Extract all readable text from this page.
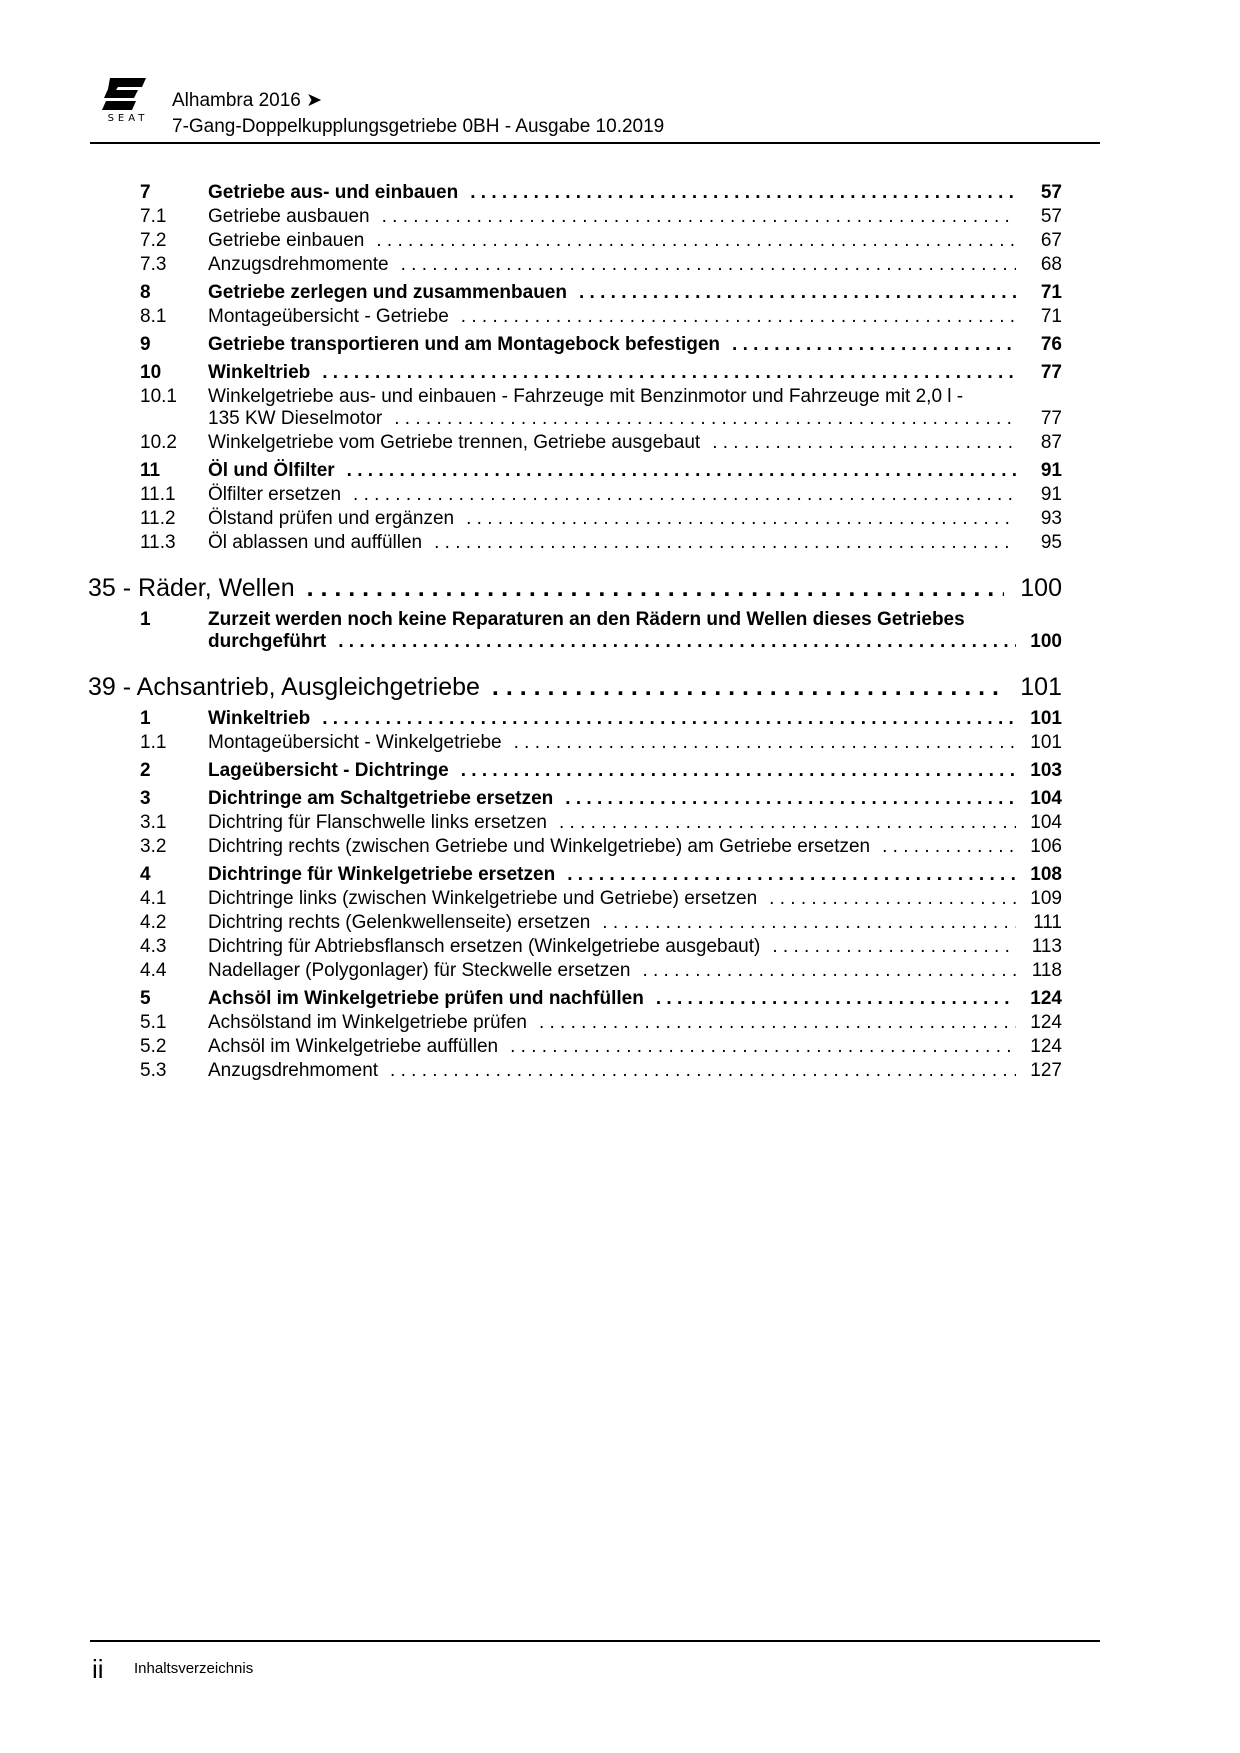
SEAT
Alhambra 2016 ➤
7-Gang-Doppelkupplungsgetriebe 0BH - Ausgabe 10.2019
7	Getriebe aus- und einbauen . . .	57
7.1 Getriebe ausbauen . . .	57
7.2 Getriebe einbauen . . .	67
7.3 Anzugsdrehmomente . . .	68
8	Getriebe zerlegen und zusammenbauen . . .	71
8.1 Montageübersicht - Getriebe . . .	71
9	Getriebe transportieren und am Montagebock befestigen . . .	76
10 Winkeltrieb . . .	77
10.1 Winkelgetriebe aus- und einbauen - Fahrzeuge mit Benzinmotor und Fahrzeuge mit 2,0 l -
135 KW Dieselmotor . . .	77
10.2 Winkelgetriebe vom Getriebe trennen, Getriebe ausgebaut . . .	87
11	Öl und Ölfilter . . .	91
11.1 Ölfilter ersetzen . . .	91
11.2 Ölstand prüfen und ergänzen . . .	93
11.3 Öl ablassen und auffüllen . . .	95
35 - Räder, Wellen . . .	100
1	Zurzeit werden noch keine Reparaturen an den Rädern und Wellen dieses Getriebes
durchgeführt . . .	100
39 - Achsantrieb, Ausgleichgetriebe . . .	101
1	Winkeltrieb . . .	101
1.1 Montageübersicht - Winkelgetriebe . . .	101
2	Lageübersicht - Dichtringe . . .	103
3	Dichtringe am Schaltgetriebe ersetzen . . .	104
3.1 Dichtring für Flanschwelle links ersetzen . . .	104
3.2 Dichtring rechts (zwischen Getriebe und Winkelgetriebe) am Getriebe ersetzen . . .	106
4	Dichtringe für Winkelgetriebe ersetzen . . .	108
4.1 Dichtringe links (zwischen Winkelgetriebe und Getriebe) ersetzen . . .	109
4.2 Dichtring rechts (Gelenkwellenseite) ersetzen . . .	111
4.3 Dichtring für Abtriebsflansch ersetzen (Winkelgetriebe ausgebaut) . . .	113
4.4 Nadellager (Polygonlager) für Steckwelle ersetzen . . .	118
5	Achsöl im Winkelgetriebe prüfen und nachfüllen . . .	124
5.1 Achsölstand im Winkelgetriebe prüfen . . .	124
5.2 Achsöl im Winkelgetriebe auffüllen . . .	124
5.3 Anzugsdrehmoment . . .	127
ii Inhaltsverzeichnis
